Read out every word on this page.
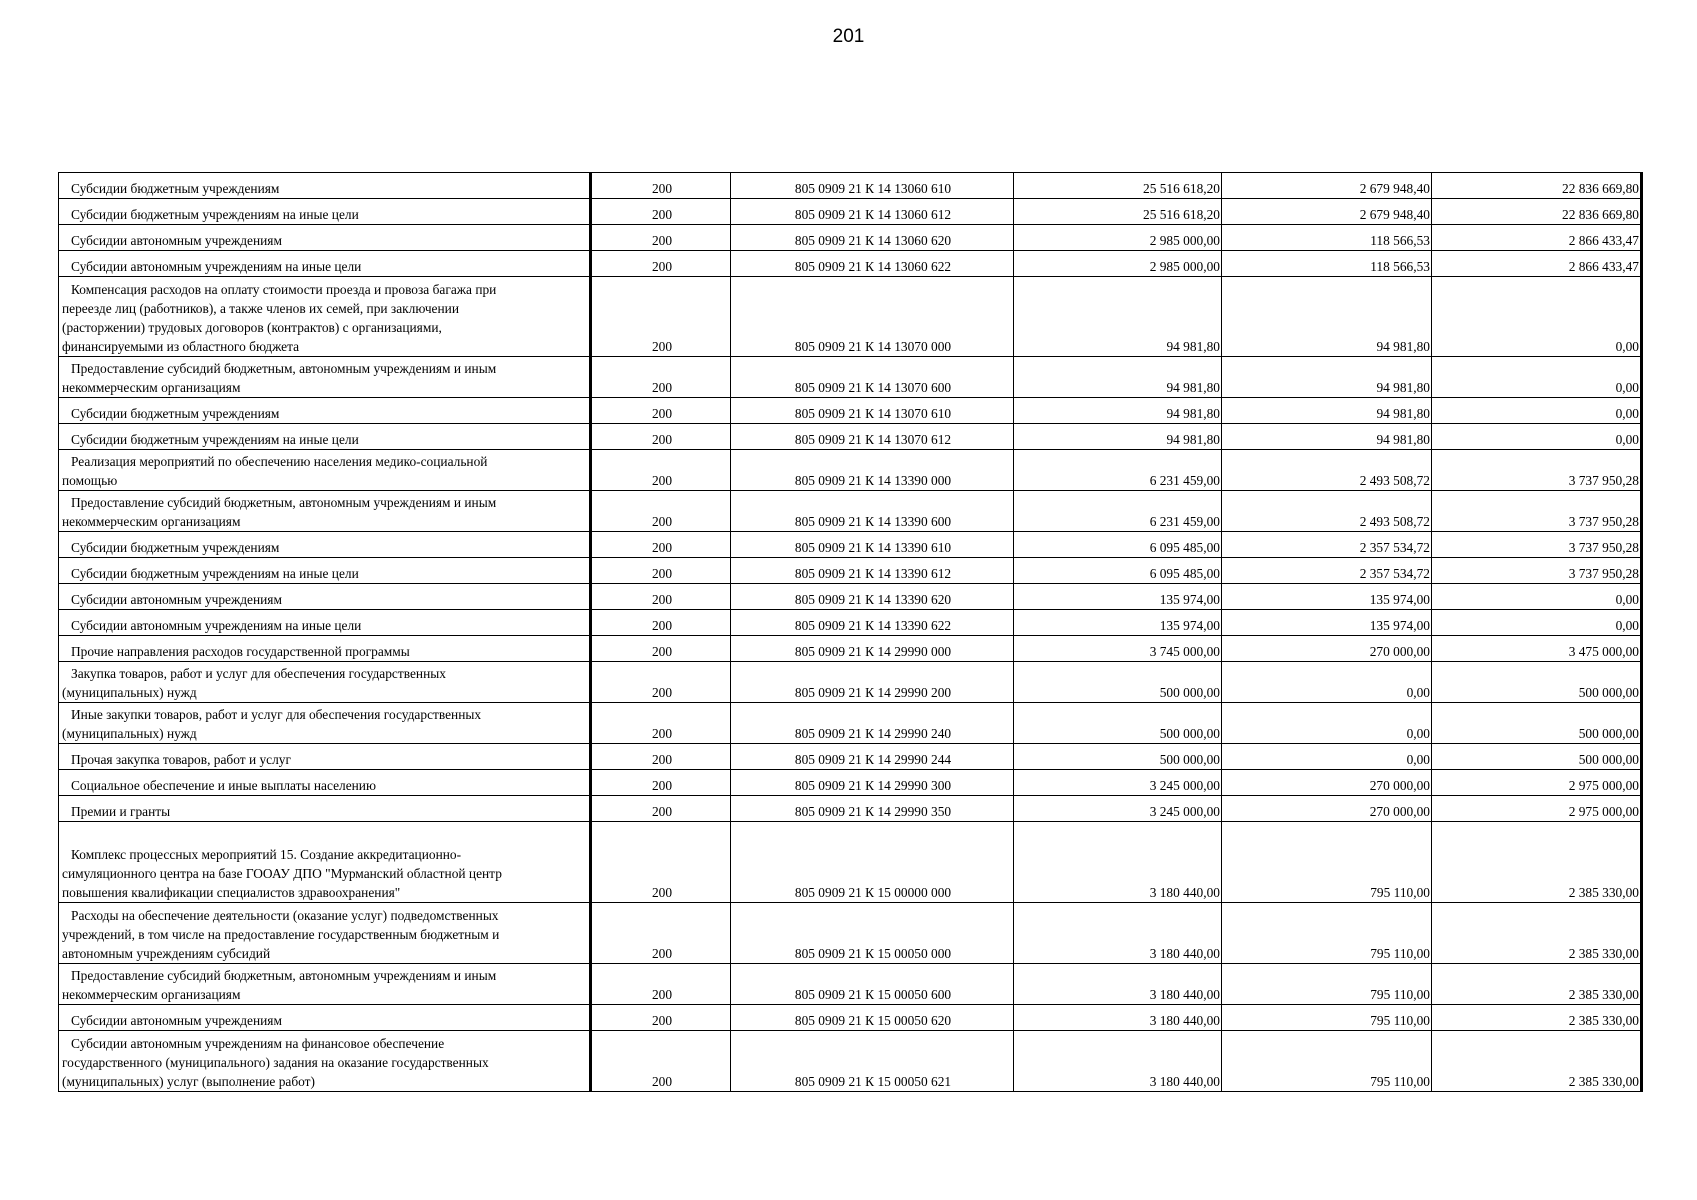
201
Субсидии бюджетным учреждениям	200	805 0909 21 К 14 13060 610	25 516 618,20	2 679 948,40	22 836 669,80

Субсидии бюджетным учреждениям на иные цели	200	805 0909 21 К 14 13060 612	25 516 618,20	2 679 948,40	22 836 669,80

Субсидии автономным учреждениям	200	805 0909 21 К 14 13060 620	2 985 000,00	118 566,53	2 866 433,47

Субсидии автономным учреждениям на иные цели	200	805 0909 21 К 14 13060 622	2 985 000,00	118 566,53	2 866 433,47

Компенсация расходов на оплату стоимости проезда и провоза багажа при
переезде лиц (работников), а также членов их семей, при заключении
(расторжении) трудовых договоров (контрактов) с организациями,
финансируемыми из областного бюджета	200	805 0909 21 К 14 13070 000	94 981,80	94 981,80	0,00

Предоставление субсидий бюджетным, автономным учреждениям и иным
некоммерческим организациям	200	805 0909 21 К 14 13070 600	94 981,80	94 981,80	0,00

Субсидии бюджетным учреждениям	200	805 0909 21 К 14 13070 610	94 981,80	94 981,80	0,00

Субсидии бюджетным учреждениям на иные цели	200	805 0909 21 К 14 13070 612	94 981,80	94 981,80	0,00

Реализация мероприятий по обеспечению населения медико-социальной
помощью	200	805 0909 21 К 14 13390 000	6 231 459,00	2 493 508,72	3 737 950,28

Предоставление субсидий бюджетным, автономным учреждениям и иным
некоммерческим организациям	200	805 0909 21 К 14 13390 600	6 231 459,00	2 493 508,72	3 737 950,28

Субсидии бюджетным учреждениям	200	805 0909 21 К 14 13390 610	6 095 485,00	2 357 534,72	3 737 950,28

Субсидии бюджетным учреждениям на иные цели	200	805 0909 21 К 14 13390 612	6 095 485,00	2 357 534,72	3 737 950,28

Субсидии автономным учреждениям	200	805 0909 21 К 14 13390 620	135 974,00	135 974,00	0,00

Субсидии автономным учреждениям на иные цели	200	805 0909 21 К 14 13390 622	135 974,00	135 974,00	0,00

Прочие направления расходов государственной программы	200	805 0909 21 К 14 29990 000	3 745 000,00	270 000,00	3 475 000,00

Закупка товаров, работ и услуг для обеспечения государственных
(муниципальных) нужд	200	805 0909 21 К 14 29990 200	500 000,00	0,00	500 000,00

Иные закупки товаров, работ и услуг для обеспечения государственных
(муниципальных) нужд	200	805 0909 21 К 14 29990 240	500 000,00	0,00	500 000,00

Прочая закупка товаров, работ и услуг	200	805 0909 21 К 14 29990 244	500 000,00	0,00	500 000,00

Социальное обеспечение и иные выплаты населению	200	805 0909 21 К 14 29990 300	3 245 000,00	270 000,00	2 975 000,00

Премии и гранты	200	805 0909 21 К 14 29990 350	3 245 000,00	270 000,00	2 975 000,00

Комплекс процессных мероприятий 15. Создание аккредитационно-
симуляционного центра на базе ГООАУ ДПО "Мурманский областной центр
повышения квалификации специалистов здравоохранения"	200	805 0909 21 К 15 00000 000	3 180 440,00	795 110,00	2 385 330,00

Расходы на обеспечение деятельности (оказание услуг) подведомственных
учреждений, в том числе на предоставление государственным бюджетным и
автономным учреждениям субсидий	200	805 0909 21 К 15 00050 000	3 180 440,00	795 110,00	2 385 330,00

Предоставление субсидий бюджетным, автономным учреждениям и иным
некоммерческим организациям	200	805 0909 21 К 15 00050 600	3 180 440,00	795 110,00	2 385 330,00

Субсидии автономным учреждениям	200	805 0909 21 К 15 00050 620	3 180 440,00	795 110,00	2 385 330,00

Субсидии автономным учреждениям на финансовое обеспечение
государственного (муниципального) задания на оказание государственных
(муниципальных) услуг (выполнение работ)	200	805 0909 21 К 15 00050 621	3 180 440,00	795 110,00	2 385 330,00
